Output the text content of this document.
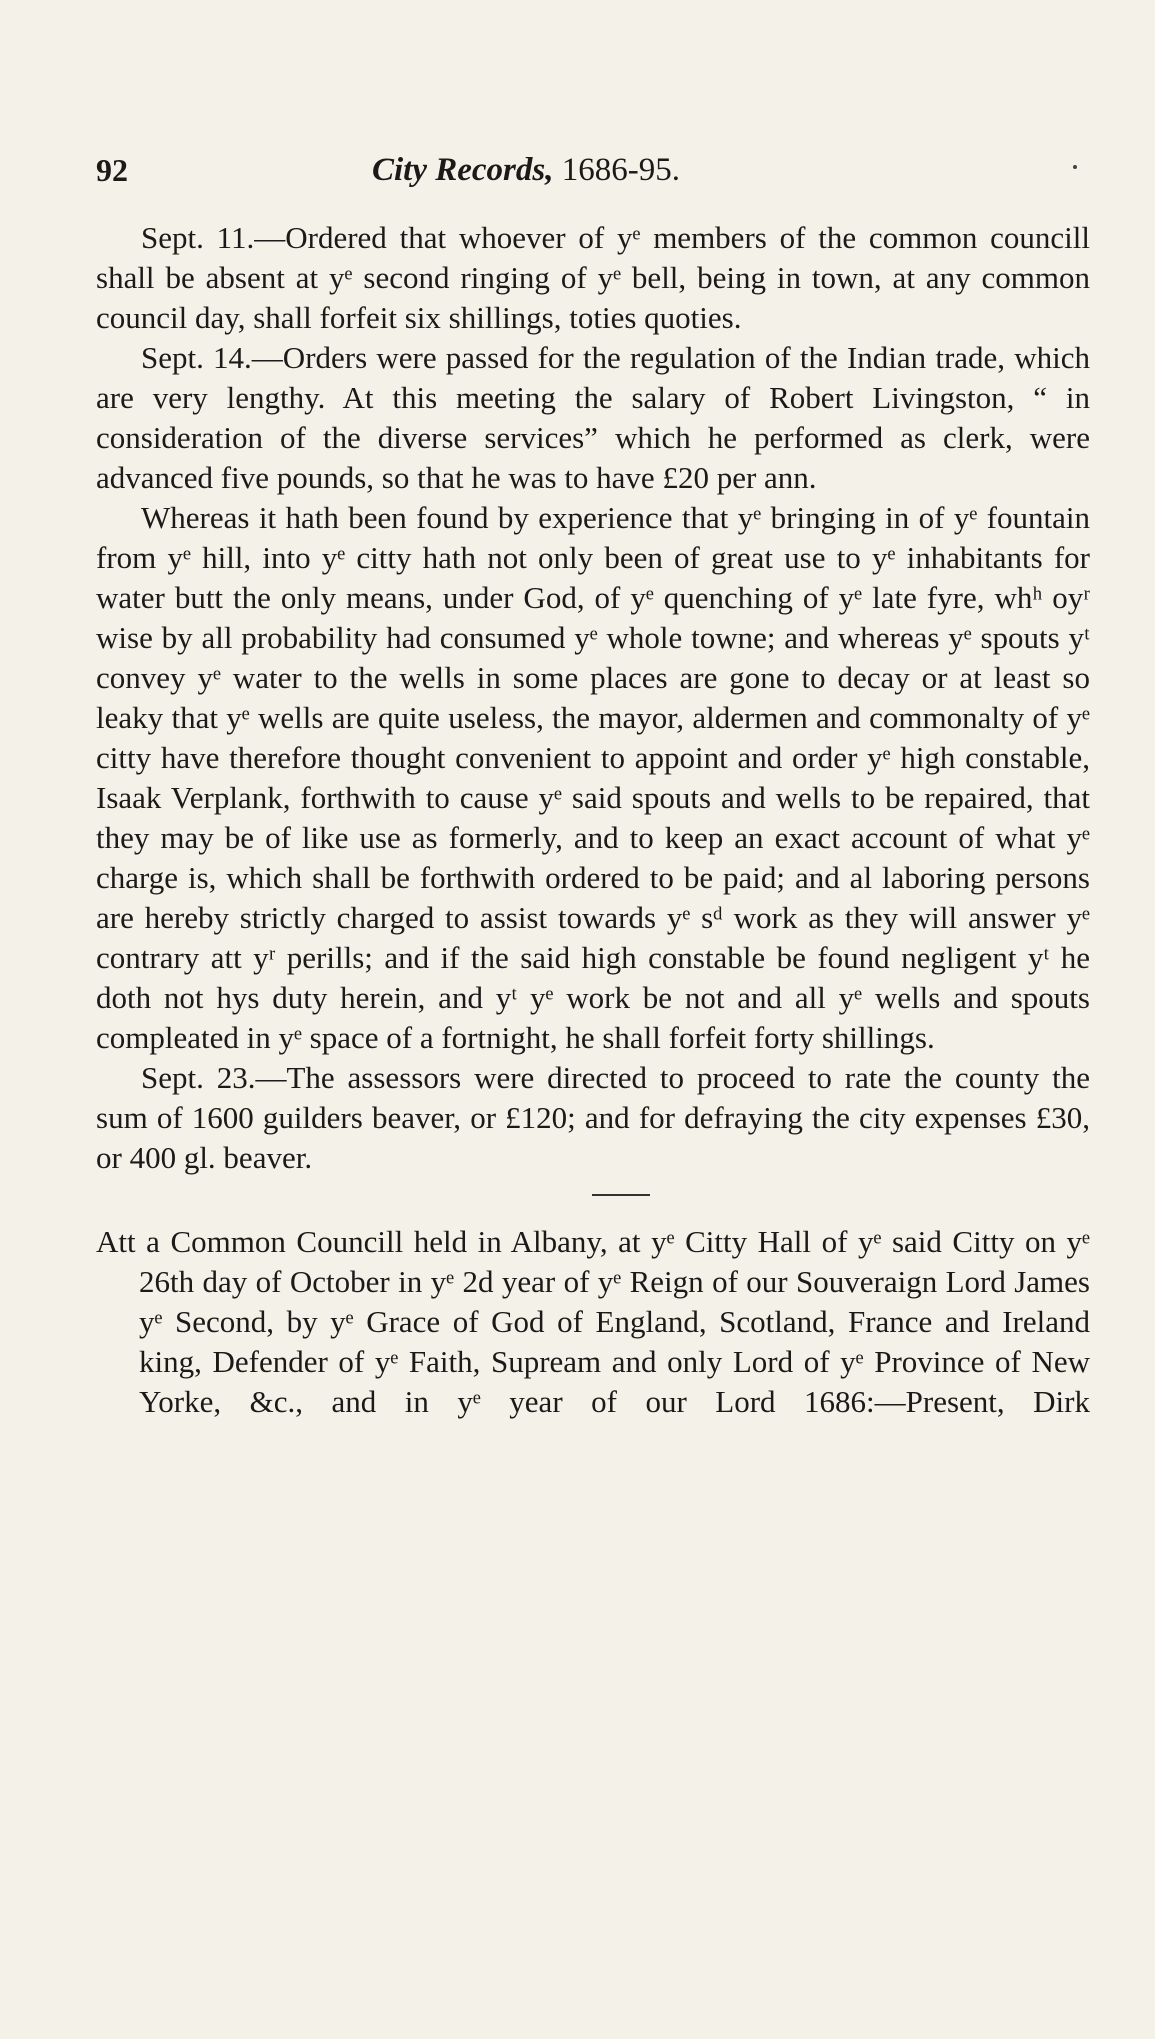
92	City Records, 1686-95.

Sept. 11.—Ordered that whoever of yᵉ members of the common councill shall be absent at yᵉ second ringing of yᵉ bell, being in town, at any common council day, shall forfeit six shillings, toties quoties.

Sept. 14.—Orders were passed for the regulation of the Indian trade, which are very lengthy. At this meeting the salary of Robert Livingston, “ in consideration of the diverse services” which he performed as clerk, were advanced five pounds, so that he was to have £20 per ann.

Whereas it hath been found by experience that yᵉ bringing in of yᵉ fountain from yᵉ hill, into yᵉ citty hath not only been of great use to yᵉ inhabitants for water butt the only means, under God, of yᵉ quenching of yᵉ late fyre, whʰ oyʳ wise by all probability had consumed yᵉ whole towne; and whereas yᵉ spouts yᵗ convey yᵉ water to the wells in some places are gone to decay or at least so leaky that yᵉ wells are quite useless, the mayor, aldermen and commonalty of yᵉ citty have therefore thought convenient to appoint and order yᵉ high constable, Isaak Verplank, forthwith to cause yᵉ said spouts and wells to be repaired, that they may be of like use as formerly, and to keep an exact account of what yᵉ charge is, which shall be forthwith ordered to be paid; and al laboring persons are hereby strictly charged to assist towards yᵉ sᵈ work as they will answer yᵉ contrary att yʳ perills; and if the said high constable be found negligent yᵗ he doth not hys duty herein, and yᵗ yᵉ work be not and all yᵉ wells and spouts compleated in yᵉ space of a fortnight, he shall forfeit forty shillings.

Sept. 23.—The assessors were directed to proceed to rate the county the sum of 1600 guilders beaver, or £120; and for defraying the city expenses £30, or 400 gl. beaver.

Att a Common Councill held in Albany, at yᵉ Citty Hall of yᵉ said Citty on yᵉ 26th day of October in yᵉ 2d year of yᵉ Reign of our Souveraign Lord James yᵉ Second, by yᵉ Grace of God of England, Scotland, France and Ireland king, Defender of yᵉ Faith, Supream and only Lord of yᵉ Province of New Yorke, &c., and in yᵉ year of our Lord 1686:—Present, Dirk
